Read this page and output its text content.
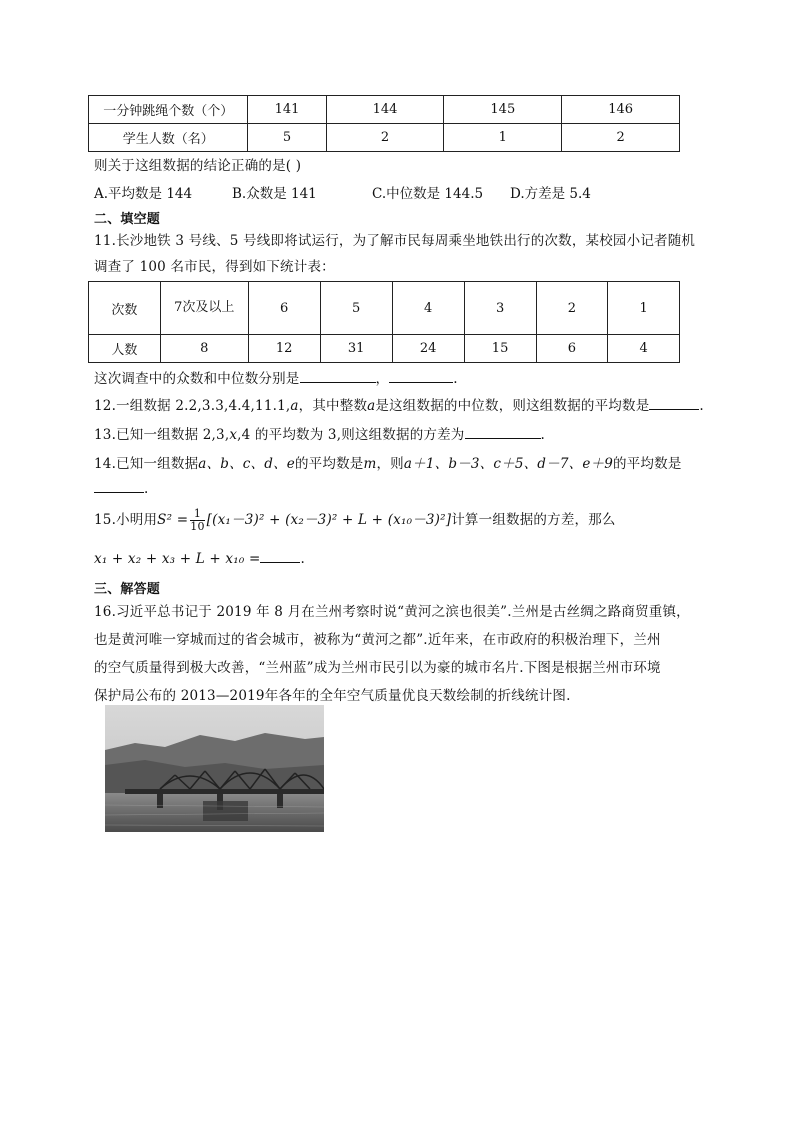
一分钟跳绳个数（个）	141	144	145	146
学生人数（名）	5	2	1	2
则关于这组数据的结论正确的是( )
A.平均数是 144	B.众数是 141	C.中位数是 144.5 D.方差是 5.4
二、填空题
11.长沙地铁 3 号线、5 号线即将试运行，为了解市民每周乘坐地铁出行的次数，某校园小记者随机
调查了 100 名市民，得到如下统计表：
次数	7次及以上	6	5	4	3	2	1
人数	8	12	31	24	15	6	4
这次调查中的众数和中位数分别是	，	.
12.一组数据 2.2,3.3,4.4,11.1,a，其中整数a是这组数据的中位数，则这组数据的平均数是	.
13.已知一组数据 2,3,x,4 的平均数为 3,则这组数据的方差为	.
14.已知一组数据a、b、c、d、e的平均数是m，则a＋1、b－3、c＋5、d－7、e＋9的平均数是
.
15.小明用$S^2 = \frac{1}{10} [(x_1-3)^2 + (x_2-3)^2 + L + (x_{10}-3)^2]$计算一组数据的方差，那么
x₁ + x₂ + x₃ + L + x₁₀ =	.
三、解答题
16.习近平总书记于 2019 年 8 月在兰州考察时说“黄河之滨也很美”.兰州是古丝绸之路商贸重镇，
也是黄河唯一穿城而过的省会城市，被称为“黄河之都”.近年来，在市政府的积极治理下，兰州
的空气质量得到极大改善，“兰州蓝”成为兰州市民引以为豪的城市名片.下图是根据兰州市环境
保护局公布的 2013—2019年各年的全年空气质量优良天数绘制的折线统计图.
